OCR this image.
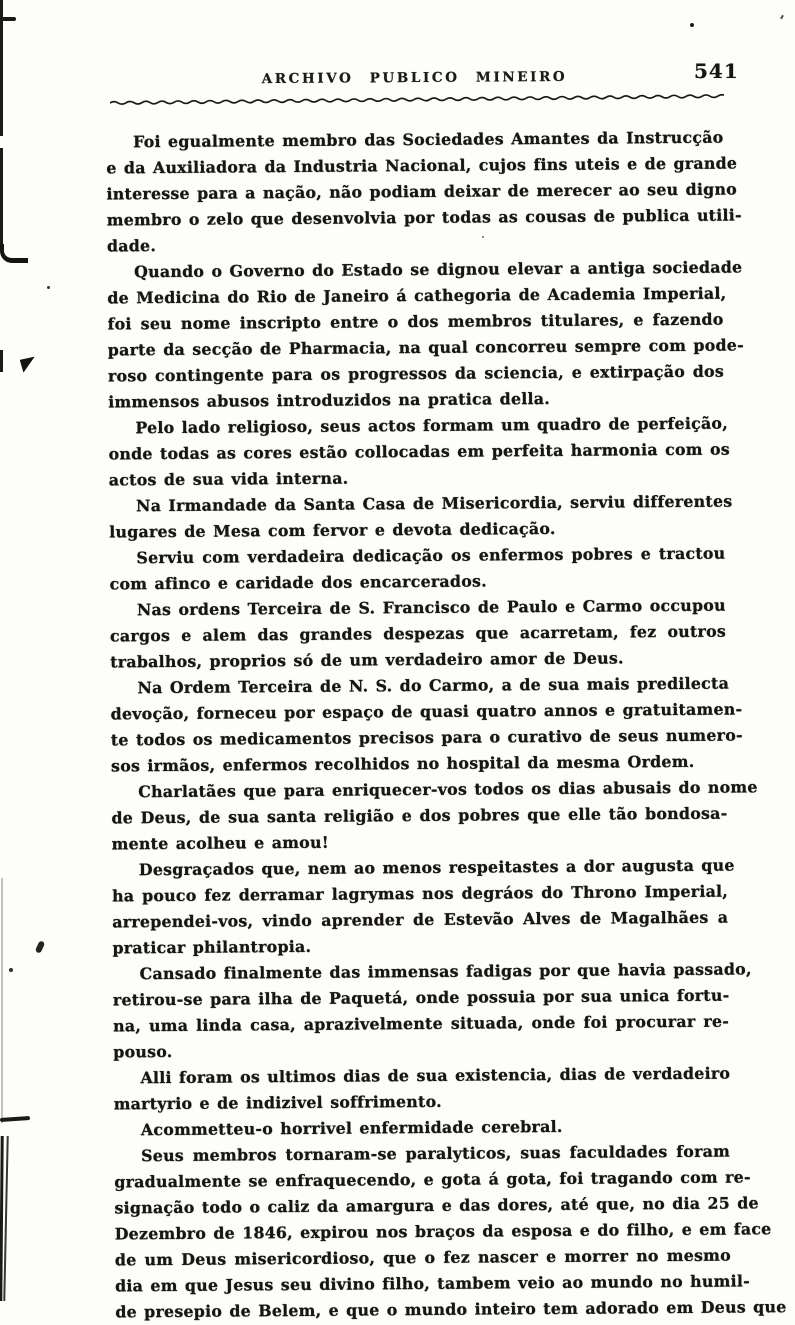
ARCHIVO PUBLICO MINEIRO	541
Foi egualmente membro das Sociedades Amantes da Instrucção
e da Auxiliadora da Industria Nacional, cujos fins uteis e de grande
interesse para a nação, não podiam deixar de merecer ao seu digno
membro o zelo que desenvolvia por todas as cousas de publica utili-
dade.
Quando o Governo do Estado se dignou elevar a antiga sociedade
de Medicina do Rio de Janeiro á cathegoria de Academia Imperial,
foi seu nome inscripto entre o dos membros titulares, e fazendo
parte da secção de Pharmacia, na qual concorreu sempre com pode-
roso contingente para os progressos da sciencia, e extirpação dos
immensos abusos introduzidos na pratica della.
Pelo lado religioso, seus actos formam um quadro de perfeição,
onde todas as cores estão collocadas em perfeita harmonia com os
actos de sua vida interna.
Na Irmandade da Santa Casa de Misericordia, serviu differentes
lugares de Mesa com fervor e devota dedicação.
Serviu com verdadeira dedicação os enfermos pobres e tractou
com afinco e caridade dos encarcerados.
Nas ordens Terceira de S. Francisco de Paulo e Carmo occupou
cargos e alem das grandes despezas que acarretam, fez outros
trabalhos, proprios só de um verdadeiro amor de Deus.
Na Ordem Terceira de N. S. do Carmo, a de sua mais predilecta
devoção, forneceu por espaço de quasi quatro annos e gratuitamen-
te todos os medicamentos precisos para o curativo de seus numero-
sos irmãos, enfermos recolhidos no hospital da mesma Ordem.
Charlatães que para enriquecer-vos todos os dias abusais do nome
de Deus, de sua santa religião e dos pobres que elle tão bondosa-
mente acolheu e amou!
Desgraçados que, nem ao menos respeitastes a dor augusta que
ha pouco fez derramar lagrymas nos degráos do Throno Imperial,
arrependei-vos, vindo aprender de Estevão Alves de Magalhães a
praticar philantropia.
Cansado finalmente das immensas fadigas por que havia passado,
retirou-se para ilha de Paquetá, onde possuia por sua unica fortu-
na, uma linda casa, aprazivelmente situada, onde foi procurar re-
pouso.
Alli foram os ultimos dias de sua existencia, dias de verdadeiro
martyrio e de indizivel soffrimento.
Acommetteu-o horrivel enfermidade cerebral.
Seus membros tornaram-se paralyticos, suas faculdades foram
gradualmente se enfraquecendo, e gota á gota, foi tragando com re-
signação todo o caliz da amargura e das dores, até que, no dia 25 de
Dezembro de 1846, expirou nos braços da esposa e do filho, e em face
de um Deus misericordioso, que o fez nascer e morrer no mesmo
dia em que Jesus seu divino filho, tambem veio ao mundo no humil-
de presepio de Belem, e que o mundo inteiro tem adorado em Deus que
